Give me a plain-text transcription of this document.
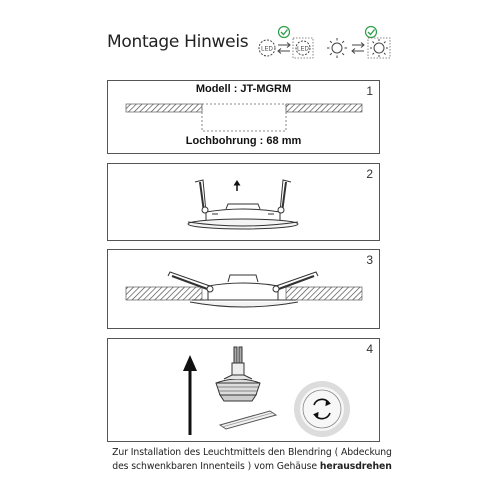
Montage Hinweis LED	LED
Modell : JT-MGRM
Lochbohrung : 68 mm
1
2
3
4
Zur Installation des Leuchtmittels den Blendring ( Abdeckung
des schwenkbaren Innenteils ) vom Gehäuse herausdrehen
